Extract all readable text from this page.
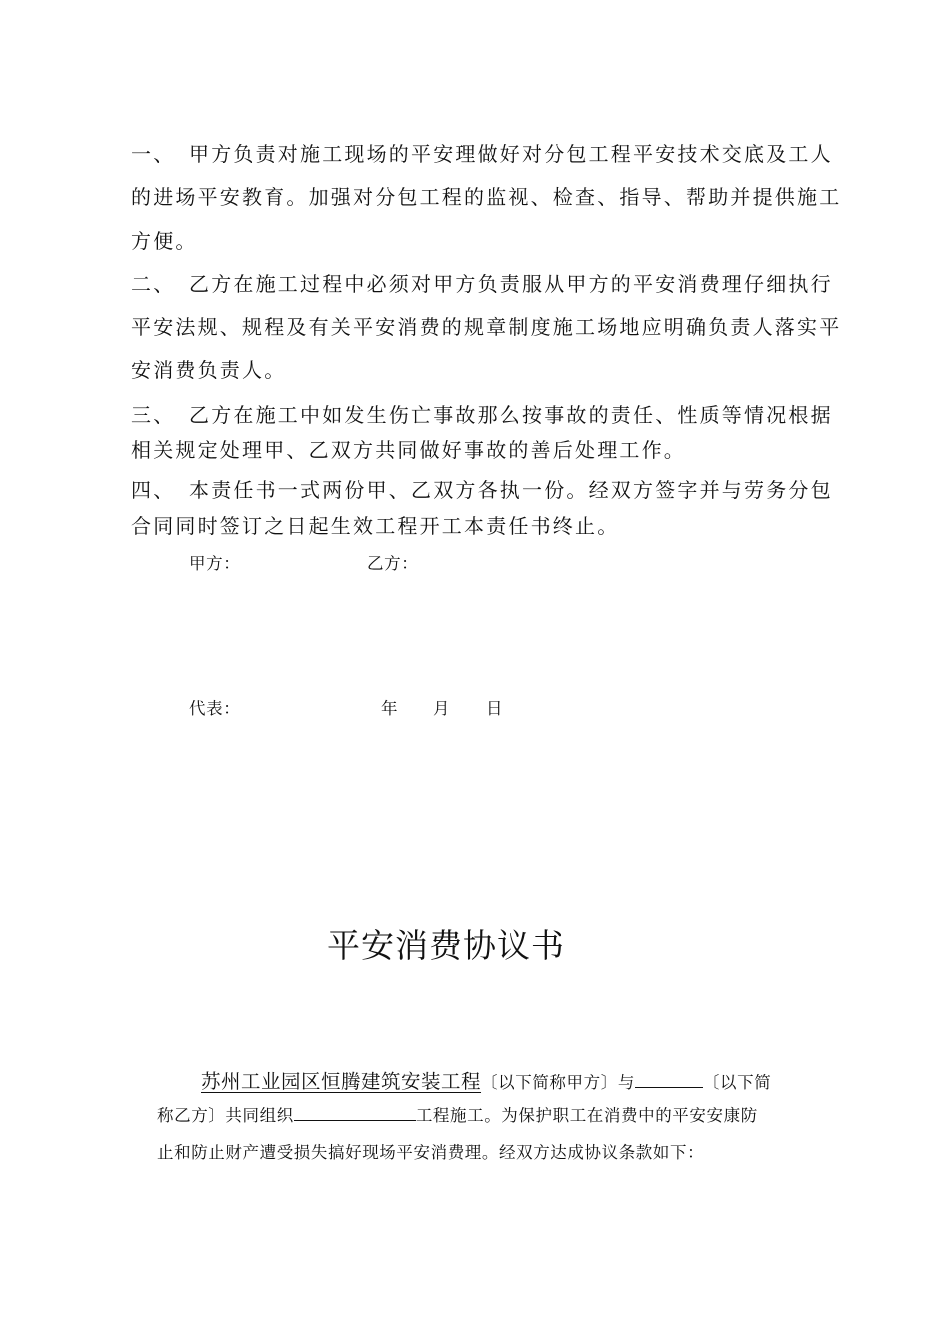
一、 甲方负责对施工现场的平安理做好对分包工程平安技术交底及工人
的进场平安教育。加强对分包工程的监视、检查、指导、帮助并提供施工
方便。
二、 乙方在施工过程中必须对甲方负责服从甲方的平安消费理仔细执行
平安法规、规程及有关平安消费的规章制度施工场地应明确负责人落实平
安消费负责人。
三、 乙方在施工中如发生伤亡事故那么按事故的责任、性质等情况根据
相关规定处理甲、乙双方共同做好事故的善后处理工作。
四、 本责任书一式两份甲、乙双方各执一份。经双方签字并与劳务分包
合同同时签订之日起生效工程开工本责任书终止。
甲方：	乙方：
代表：	年 月 日
平安消费协议书
苏州工业园区恒腾建筑安装工程〔以下简称甲方〕与	〔以下简
称乙方〕共同组织	工程施工。为保护职工在消费中的平安安康防
止和防止财产遭受损失搞好现场平安消费理。经双方达成协议条款如下：
